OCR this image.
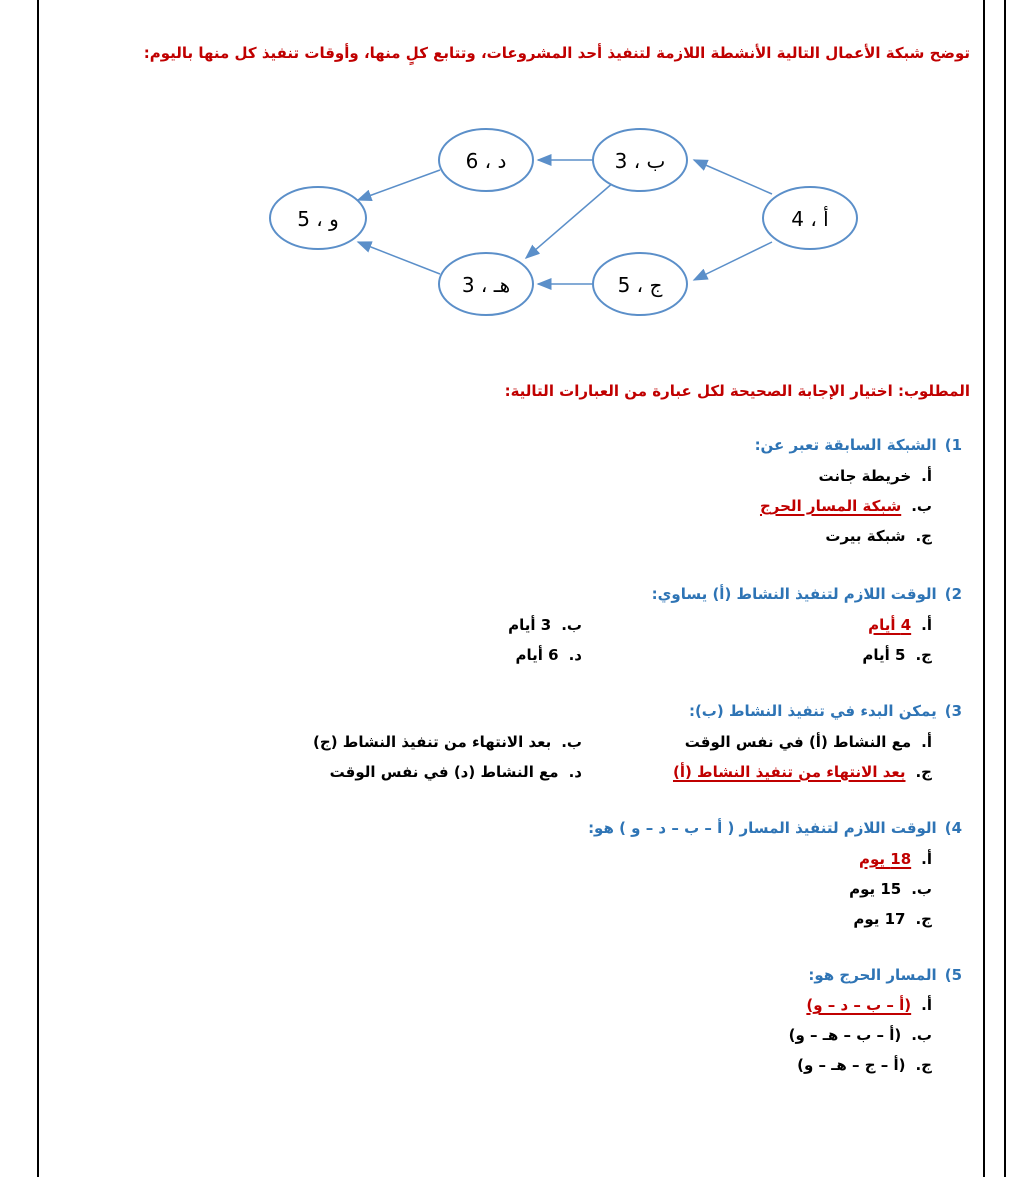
توضح شبكة الأعمال التالية الأنشطة اللازمة لتنفيذ أحد المشروعات، وتتابع كلٍ منها، وأوقات تنفيذ كل منها باليوم:
أ ، 4
ب ، 3
ج ، 5
د ، 6
هـ ، 3
و ، 5
المطلوب: اختيار الإجابة الصحيحة لكل عبارة من العبارات التالية:
1)الشبكة السابقة تعبر عن:
أ.خريطة جانت
ب.شبكة المسار الحرج
ج.شبكة بيرت
2)الوقت اللازم لتنفيذ النشاط (أ) يساوي:
أ.4 أيام
ب.3 أيام
ج.5 أيام
د.6 أيام
3)يمكن البدء في تنفيذ النشاط (ب):
أ.مع النشاط (أ) في نفس الوقت
ب.بعد الانتهاء من تنفيذ النشاط (ج)
ج.بعد الانتهاء من تنفيذ النشاط (أ)
د.مع النشاط (د) في نفس الوقت
4)الوقت اللازم لتنفيذ المسار ( أ – ب – د – و ) هو:
أ.18 يوم
ب.15 يوم
ج.17 يوم
5)المسار الحرج هو:
أ.(أ – ب – د – و)
ب.(أ – ب – هـ – و)
ج.(أ – ج – هـ – و)
